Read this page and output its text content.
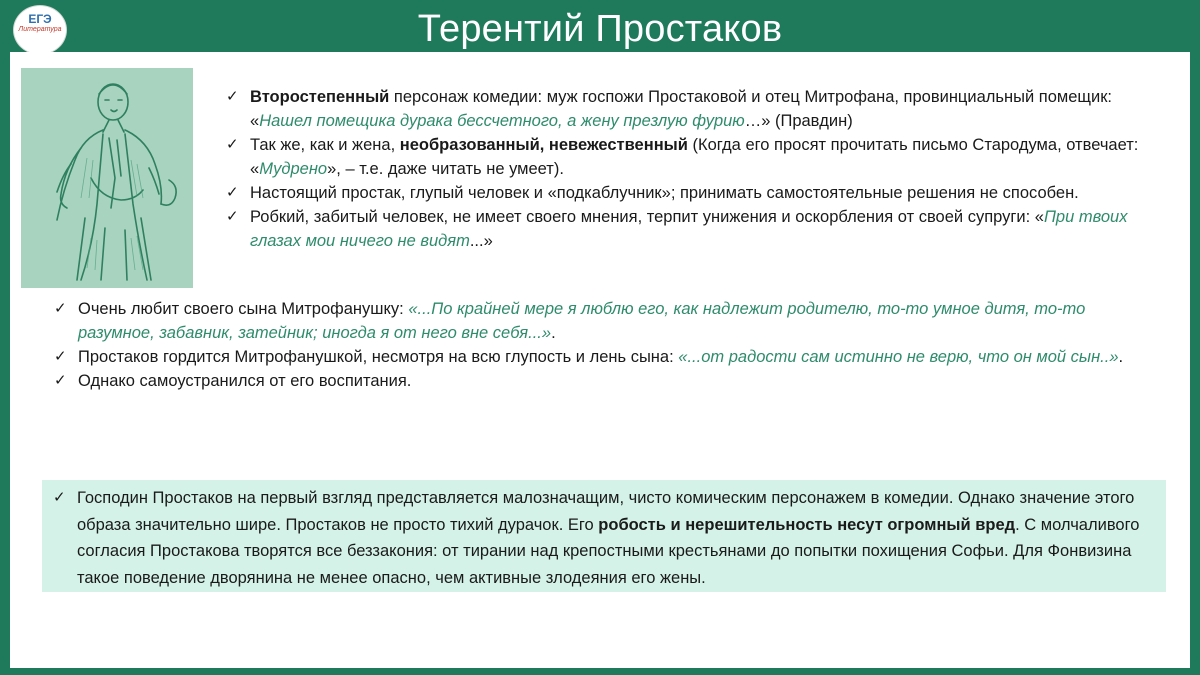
ЕГЭ
Литература	Терентий Простаков
✓ Второстепенный персонаж комедии: муж госпожи Простаковой и отец Митрофана, провинциальный помещик: «Нашел помещика дурака бессчетного, а жену презлую фурию…» (Правдин)
✓ Так же, как и жена, необразованный, невежественный (Когда его просят прочитать письмо Стародума, отвечает: «Мудрено», – т.е. даже читать не умеет).
✓ Настоящий простак, глупый человек и «подкаблучник»; принимать самостоятельные решения не способен.
✓ Робкий, забитый человек, не имеет своего мнения, терпит унижения и оскорбления от своей супруги: «При твоих глазах мои ничего не видят...»
✓ Очень любит своего сына Митрофанушку: «...По крайней мере я люблю его, как надлежит родителю, то-то умное дитя, то-то разумное, забавник, затейник; иногда я от него вне себя...».
✓ Простаков гордится Митрофанушкой, несмотря на всю глупость и лень сына: «...от радости сам истинно не верю, что он мой сын..».
✓ Однако самоустранился от его воспитания.
✓ Господин Простаков на первый взгляд представляется малозначащим, чисто комическим персонажем в комедии. Однако значение этого образа значительно шире. Простаков не просто тихий дурачок. Его робость и нерешительность несут огромный вред. С молчаливого согласия Простакова творятся все беззакония: от тирании над крепостными крестьянами до попытки похищения Софьи. Для Фонвизина такое поведение дворянина не менее опасно, чем активные злодеяния его жены.
